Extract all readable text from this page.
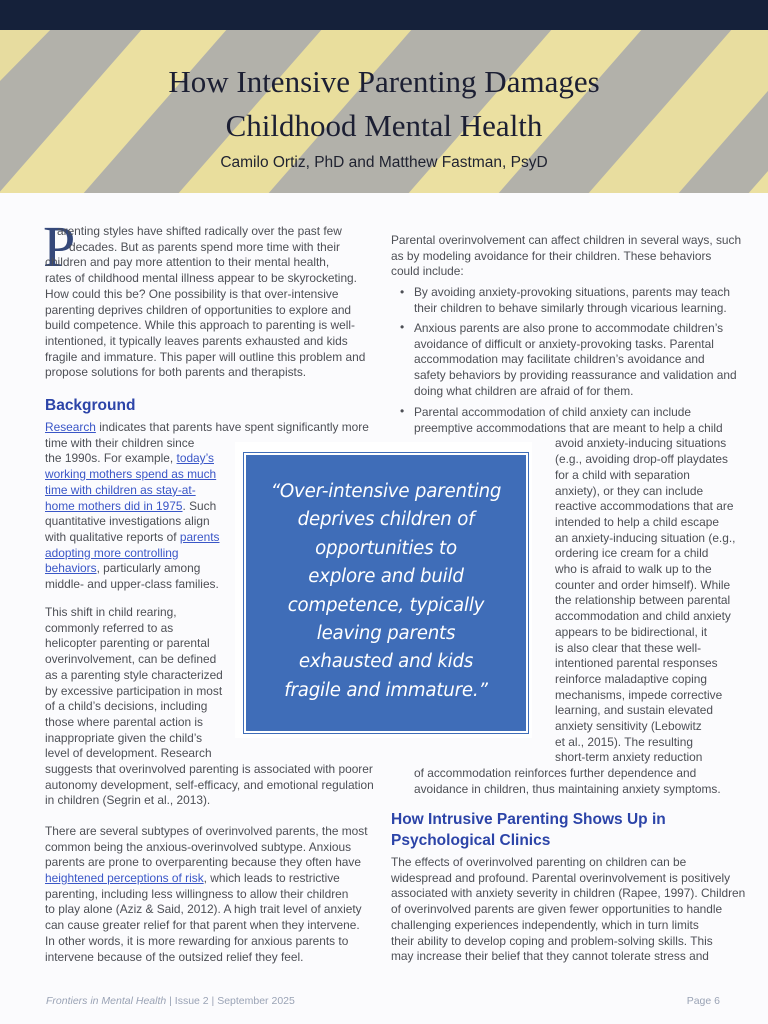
How Intensive Parenting Damages
Childhood Mental Health
Camilo Ortiz, PhD and Matthew Fastman, PsyD
P

arenting styles have shifted radically over the past few

decades. But as parents spend more time with their

children and pay more attention to their mental health,

rates of childhood mental illness appear to be skyrocketing.

How could this be? One possibility is that over-intensive

parenting deprives children of opportunities to explore and

build competence. While this approach to parenting is well-

intentioned, it typically leaves parents exhausted and kids

fragile and immature. This paper will outline this problem and

propose solutions for both parents and therapists.

Background

Research indicates that parents have spent significantly more

time with their children since

the 1990s. For example, today’s

working mothers spend as much

time with children as stay-at-

home mothers did in 1975. Such

quantitative investigations align

with qualitative reports of parents

adopting more controlling

behaviors, particularly among

middle- and upper-class families.

This shift in child rearing,

commonly referred to as

helicopter parenting or parental

overinvolvement, can be defined

as a parenting style characterized

by excessive participation in most

of a child’s decisions, including

those where parental action is

inappropriate given the child’s

level of development. Research

suggests that overinvolved parenting is associated with poorer

autonomy development, self-efficacy, and emotional regulation

in children (Segrin et al., 2013).

There are several subtypes of overinvolved parents, the most

common being the anxious-overinvolved subtype. Anxious

parents are prone to overparenting because they often have

heightened perceptions of risk, which leads to restrictive

parenting, including less willingness to allow their children

to play alone (Aziz & Said, 2012). A high trait level of anxiety

can cause greater relief for that parent when they intervene.

In other words, it is more rewarding for anxious parents to

intervene because of the outsized relief they feel.

“Over-intensive parenting
deprives children of
opportunities to
explore and build
competence, typically
leaving parents
exhausted and kids
fragile and immature.”

Parental overinvolvement can affect children in several ways, such

as by modeling avoidance for their children. These behaviors

could include:

•
•
•

By avoiding anxiety-provoking situations, parents may teach

their children to behave similarly through vicarious learning.

Anxious parents are also prone to accommodate children’s

avoidance of difficult or anxiety-provoking tasks. Parental

accommodation may facilitate children’s avoidance and

safety behaviors by providing reassurance and validation and

doing what children are afraid of for them.

Parental accommodation of child anxiety can include

preemptive accommodations that are meant to help a child

avoid anxiety-inducing situations

(e.g., avoiding drop-off playdates

for a child with separation

anxiety), or they can include

reactive accommodations that are

intended to help a child escape

an anxiety-inducing situation (e.g.,

ordering ice cream for a child

who is afraid to walk up to the

counter and order himself). While

the relationship between parental

accommodation and child anxiety

appears to be bidirectional, it

is also clear that these well-

intentioned parental responses

reinforce maladaptive coping

mechanisms, impede corrective

learning, and sustain elevated

anxiety sensitivity (Lebowitz

et al., 2015). The resulting

short-term anxiety reduction

of accommodation reinforces further dependence and

avoidance in children, thus maintaining anxiety symptoms.

How Intrusive Parenting Shows Up in
Psychological Clinics

The effects of overinvolved parenting on children can be

widespread and profound. Parental overinvolvement is positively

associated with anxiety severity in children (Rapee, 1997). Children

of overinvolved parents are given fewer opportunities to handle

challenging experiences independently, which in turn limits

their ability to develop coping and problem-solving skills. This

may increase their belief that they cannot tolerate stress and

Frontiers in Mental Health | Issue 2 | September 2025	Page 6
